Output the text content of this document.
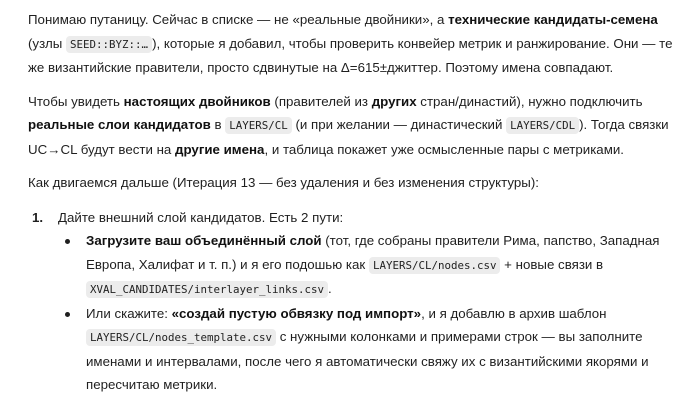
Понимаю путаницу. Сейчас в списке — не «реальные двойники», а технические кандидаты-семена (узлы SEED::BYZ::… ), которые я добавил, чтобы проверить конвейер метрик и ранжирование. Они — те же византийские правители, просто сдвинутые на Δ=615±джиттер. Поэтому имена совпадают.

Чтобы увидеть настоящих двойников (правителей из других стран/династий), нужно подключить реальные слои кандидатов в LAYERS/CL (и при желании — династический LAYERS/CDL ). Тогда связки UC→CL будут вести на другие имена, и таблица покажет уже осмысленные пары с метриками.

Как двигаемся дальше (Итерация 13 — без удаления и без изменения структуры):

1. Дайте внешний слой кандидатов. Есть 2 пути:
Загрузите ваш объединённый слой (тот, где собраны правители Рима, папство, Западная Европа, Халифат и т. п.) и я его подошью как LAYERS/CL/nodes.csv + новые связи в XVAL_CANDIDATES/interlayer_links.csv .
Или скажите: «создай пустую обвязку под импорт», и я добавлю в архив шаблон LAYERS/CL/nodes_template.csv с нужными колонками и примерами строк — вы заполните именами и интервалами, после чего я автоматически свяжу их с византийскими якорями и пересчитаю метрики.
